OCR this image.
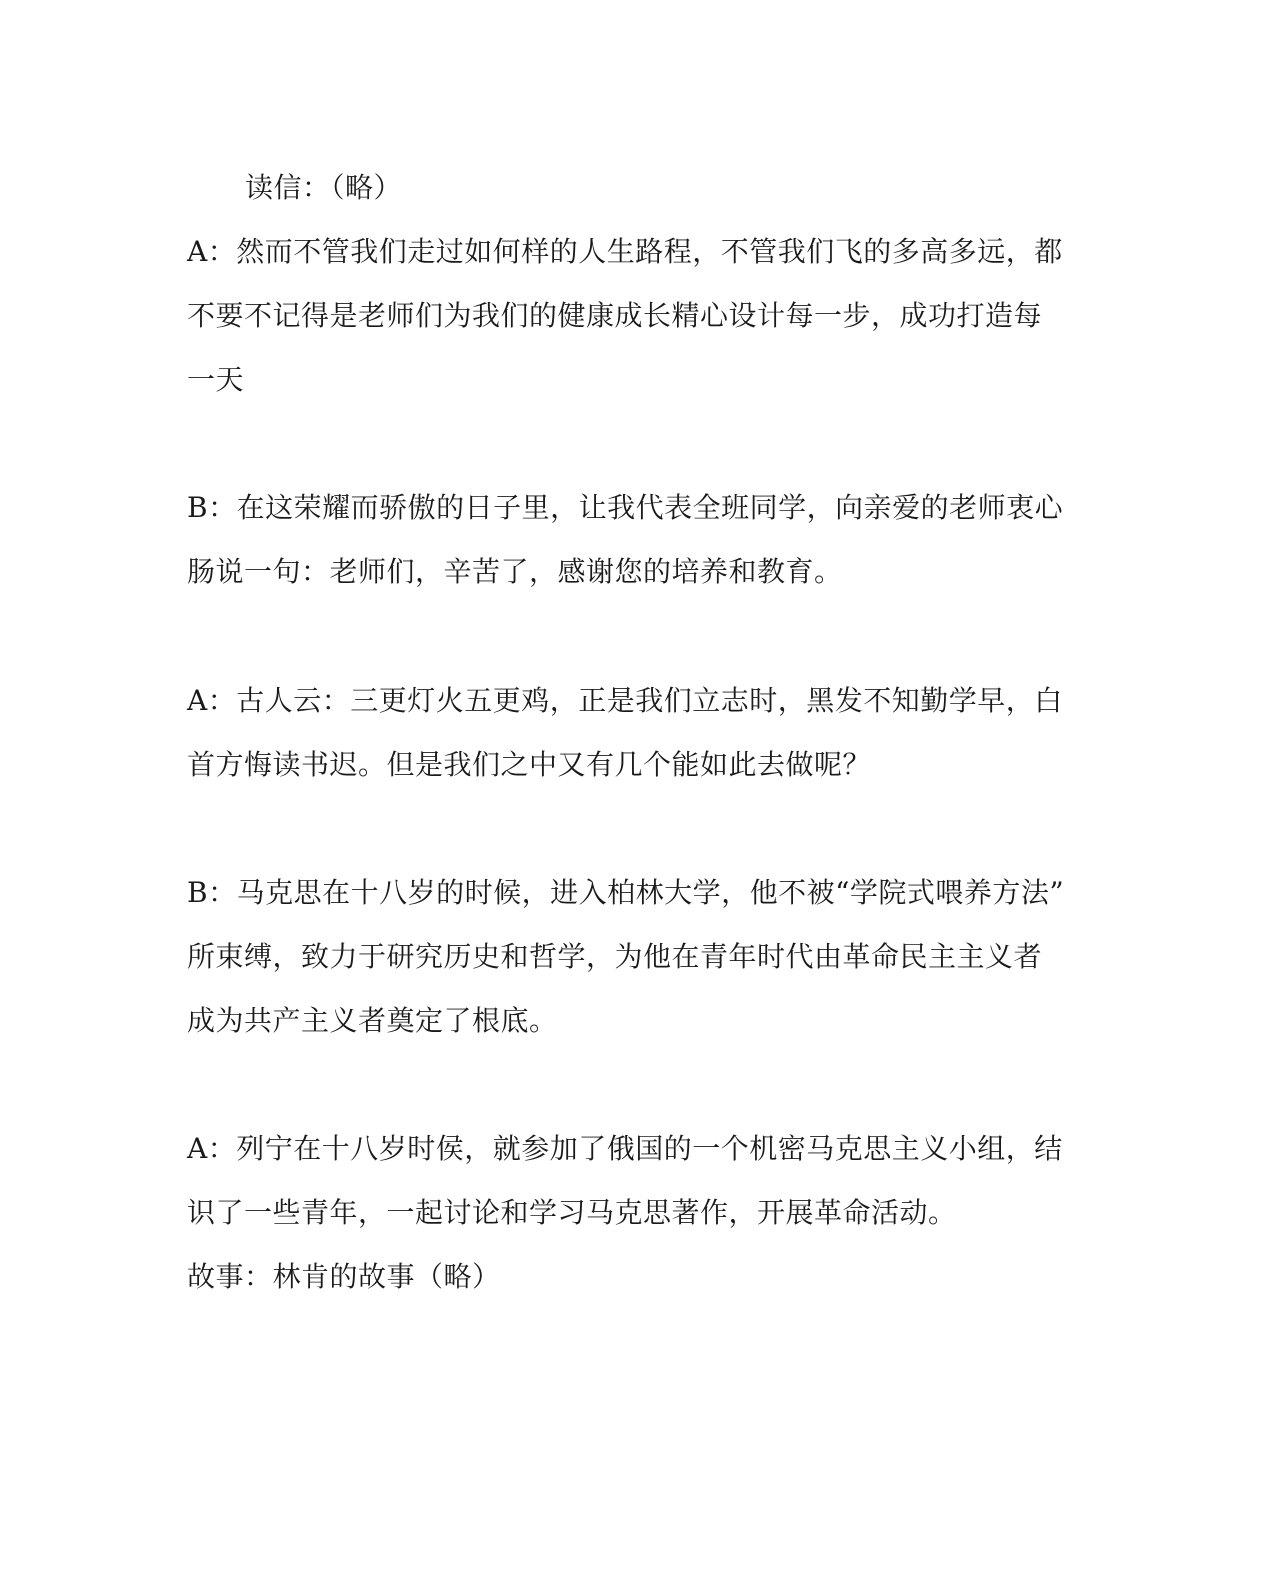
读信：（略）
A：然而不管我们走过如何样的人生路程，不管我们飞的多高多远，都
不要不记得是老师们为我们的健康成长精心设计每一步，成功打造每
一天
B：在这荣耀而骄傲的日子里，让我代表全班同学，向亲爱的老师衷心
肠说一句：老师们，辛苦了，感谢您的培养和教育。
A：古人云：三更灯火五更鸡，正是我们立志时，黑发不知勤学早，白
首方悔读书迟。但是我们之中又有几个能如此去做呢？
B：马克思在十八岁的时候，进入柏林大学，他不被“学院式喂养方法”
所束缚，致力于研究历史和哲学，为他在青年时代由革命民主主义者
成为共产主义者奠定了根底。
A：列宁在十八岁时侯，就参加了俄国的一个机密马克思主义小组，结
识了一些青年，一起讨论和学习马克思著作，开展革命活动。
故事：林肯的故事（略）
